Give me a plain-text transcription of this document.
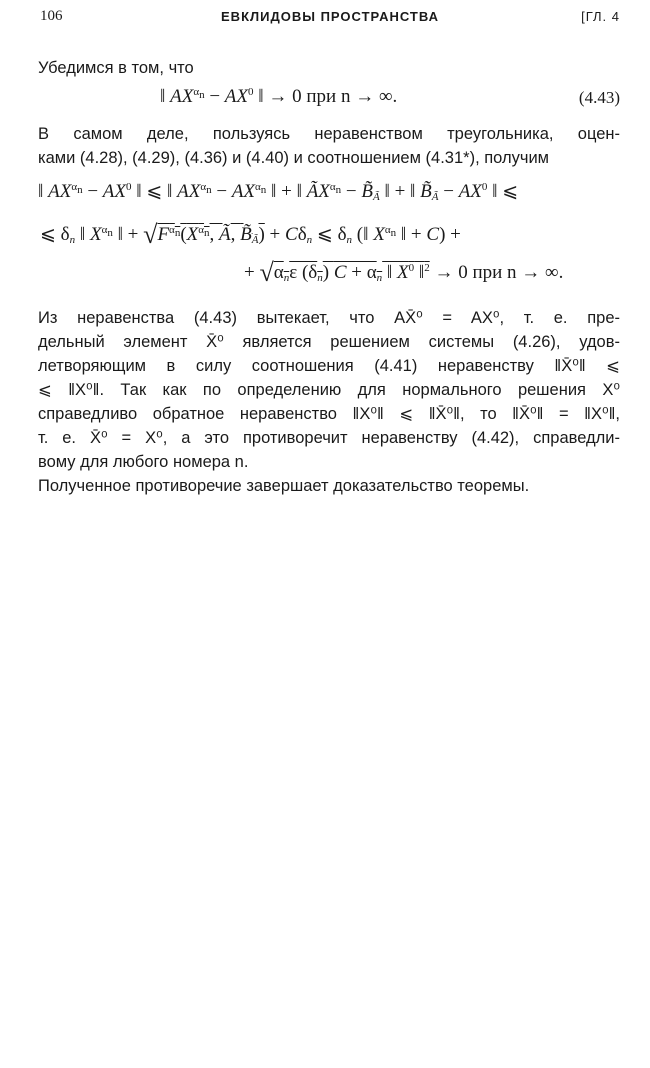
106	ЕВКЛИДОВЫ ПРОСТРАНСТВА	[ГЛ. 4
Убедимся в том, что
‖ $AX^{\alpha_n} - AX^0$ ‖ → 0 при n → ∞.	(4.43)
В самом деле, пользуясь неравенством треугольника, оцен-
ками (4.28), (4.29), (4.36) и (4.40) и соотношением (4.31*), получим
‖ $AX^{\alpha_n} - AX^0$ ‖ ⩽ ‖ $AX^{\alpha_n} - AX^{\alpha_n}$ ‖ + ‖ $ÃX^{\alpha_n}$ − $B̃_Ã$ ‖ + ‖ $B̃_Ã - AX^0$ ‖ ⩽
⩽ $\delta_n$ ‖ $X^{\alpha_n}$ ‖ + $√F^{\alpha_n}(X^{\alpha_n}$, Ã, $B̃_Ã) + C\delta_n$ ⩽ $\delta_n$ (‖ $X^{\alpha_n}$ ‖ + C) +
+ $√\alpha_n\varepsilon$ $(\delta_n) C + \alpha_n$ ‖ $X^0$ ‖$^2$ → 0 при n → ∞.
Из неравенства (4.43) вытекает, что AX̄⁰ = AX⁰, т. е. пре-
дельный элемент X̄⁰ является решением системы (4.26), удов-
летворяющим в силу соотношения (4.41) неравенству ‖X̄⁰‖ ⩽
⩽ ‖X⁰‖. Так как по определению для нормального решения X⁰
справедливо обратное неравенство ‖X⁰‖ ⩽ ‖X̄⁰‖, то ‖X̄⁰‖ = ‖X⁰‖,
т. е. X̄⁰ = X⁰, а это противоречит неравенству (4.42), справедли-
вому для любого номера n.
Полученное противоречие завершает доказательство теоремы.
